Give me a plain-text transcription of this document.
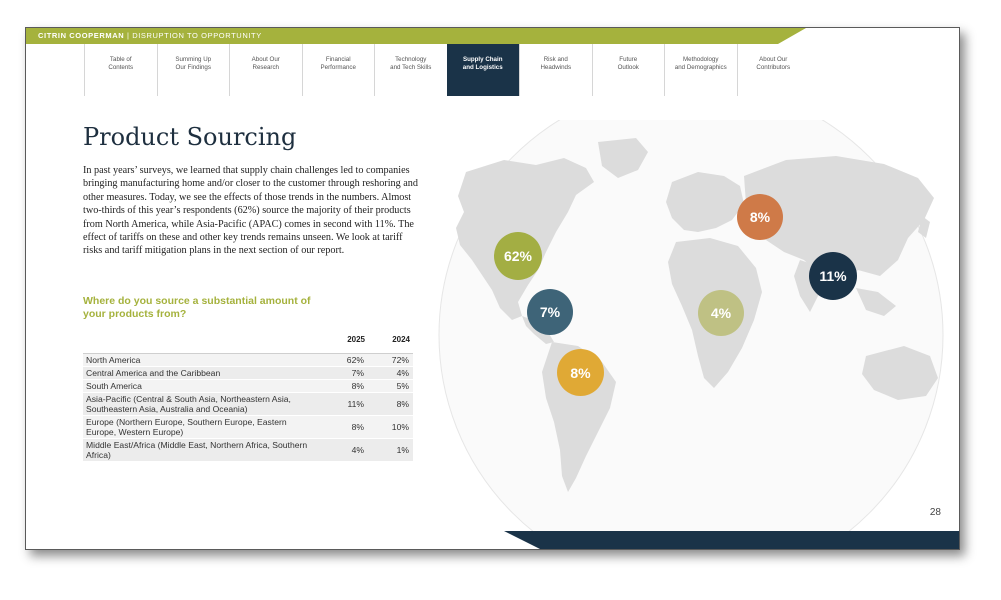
CITRIN COOPERMAN | DISRUPTION TO OPPORTUNITY
Table of
Contents
Summing Up
Our Findings
About Our
Research
Financial
Performance
Technology
and Tech Skills
Supply Chain
and Logistics
Risk and
Headwinds
Future
Outlook
Methodology
and Demographics
About Our
Contributors
Product Sourcing
In past years’ surveys, we learned that supply chain challenges led to companies bringing manufacturing home and/or closer to the customer through reshoring and other measures. Today, we see the effects of those trends in the numbers. Almost two-thirds of this year’s respondents (62%) source the majority of their products from North America, while Asia-Pacific (APAC) comes in second with 11%. The effect of tariffs on these and other key trends remains unseen. We look at tariff risks and tariff mitigation plans in the next section of our report.
Where do you source a substantial amount of your products from?
	2025	2024
North America	62%	72%
Central America and the Caribbean	7%	4%
South America	8%	5%
Asia-Pacific (Central & South Asia, Northeastern Asia, Southeastern Asia, Australia and Oceania)	11%	8%
Europe (Northern Europe, Southern Europe, Eastern Europe, Western Europe)	8%	10%
Middle East/Africa (Middle East, Northern Africa, Southern Africa)	4%	1%
62%
7%
8%
8%
4%
11%
28
